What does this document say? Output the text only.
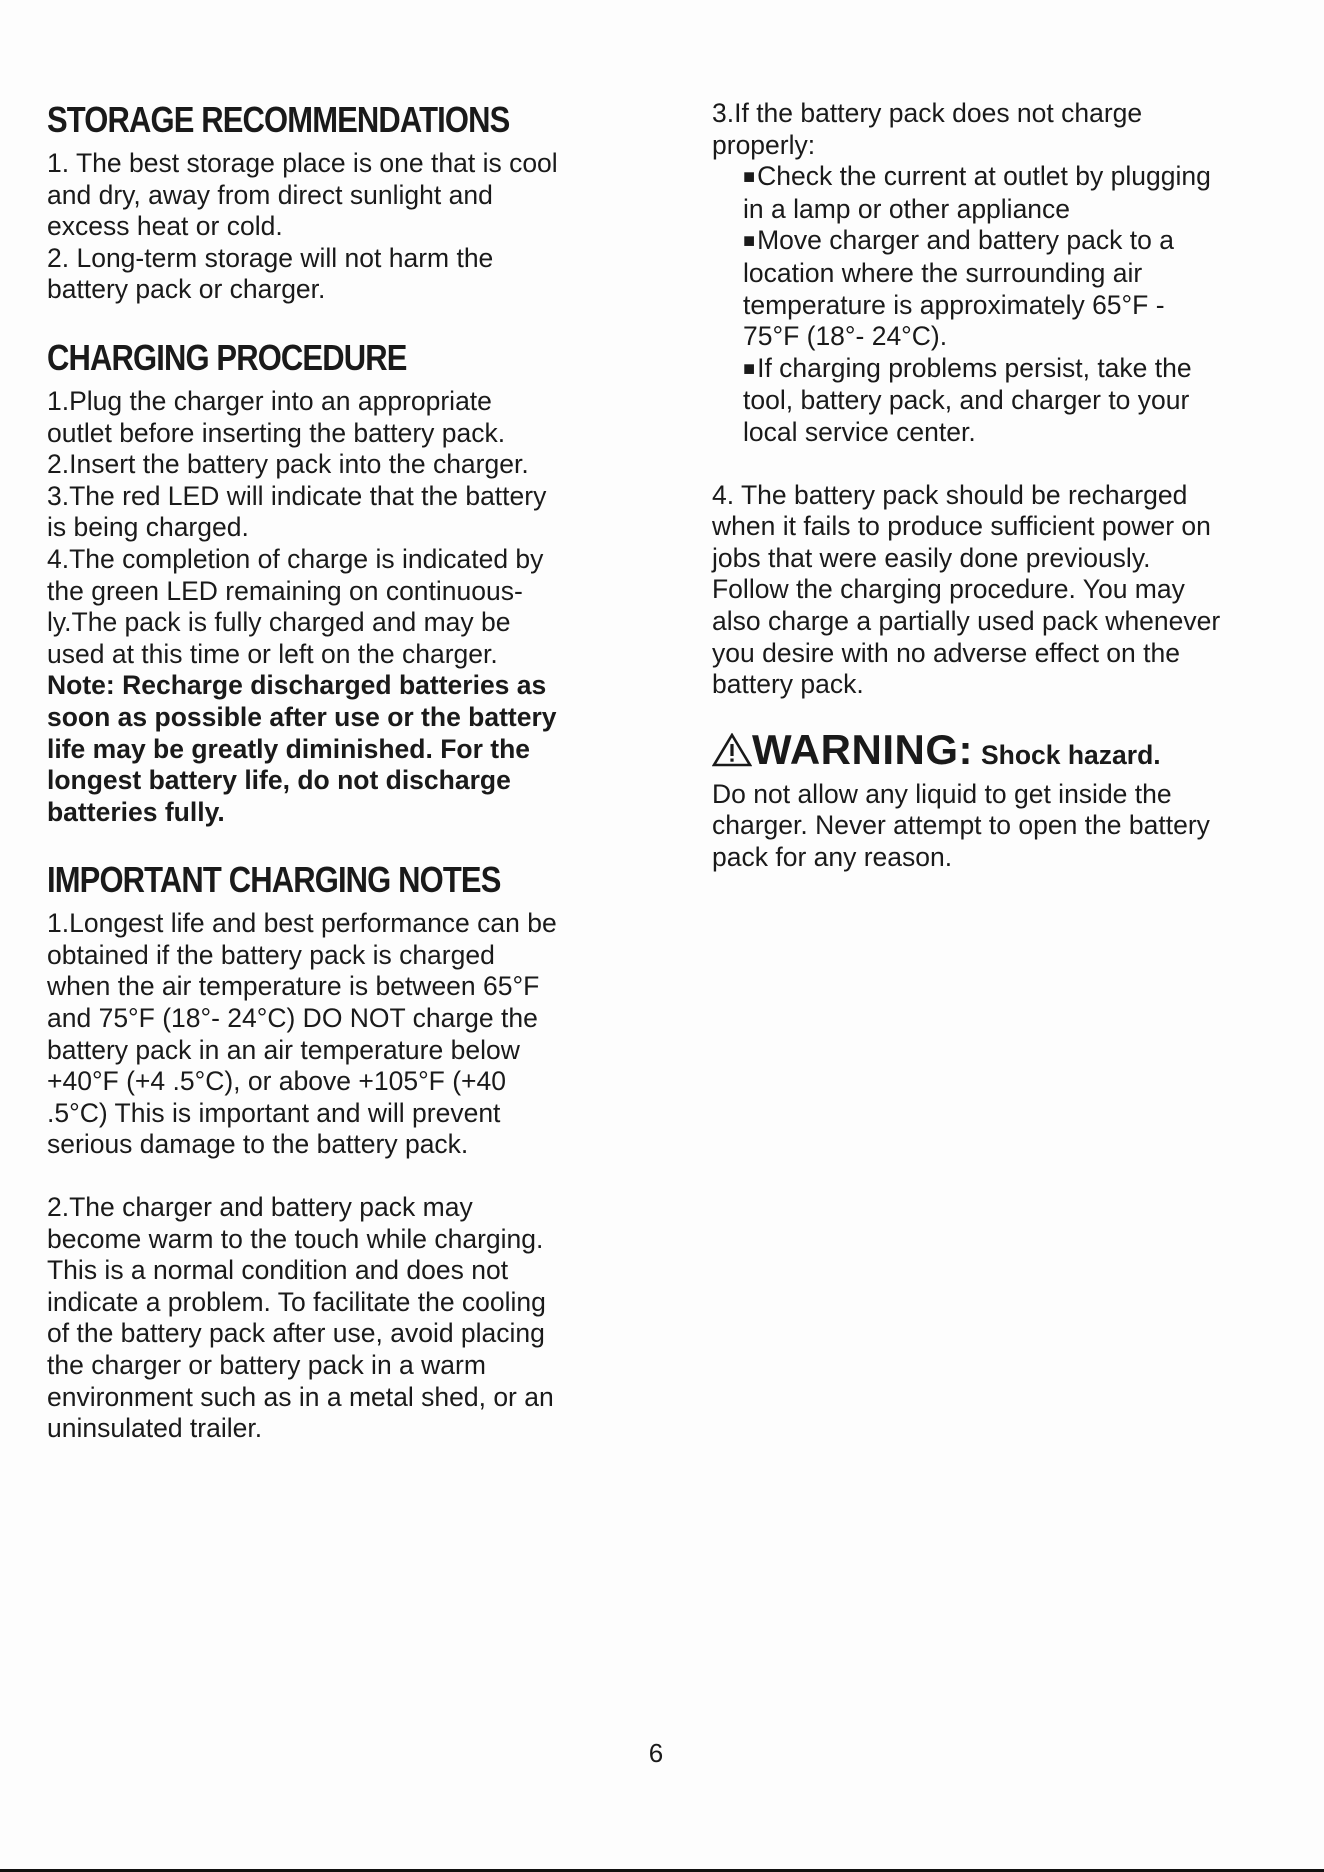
STORAGE RECOMMENDATIONS
1. The best storage place is one that is cool
and dry, away from direct sunlight and
excess heat or cold.
2. Long-term storage will not harm the
battery pack or charger.
CHARGING PROCEDURE
1.Plug the charger into an appropriate
outlet before inserting the battery pack.
2.Insert the battery pack into the charger.
3.The red LED will indicate that the battery
is being charged.
4.The completion of charge is indicated by
the green LED remaining on continuous-
ly.The pack is fully charged and may be
used at this time or left on the charger.
Note: Recharge discharged batteries as
soon as possible after use or the battery
life may be greatly diminished. For the
longest battery life, do not discharge
batteries fully.
IMPORTANT CHARGING NOTES
1.Longest life and best performance can be
obtained if the battery pack is charged
when the air temperature is between 65°F
and 75°F (18°- 24°C) DO NOT charge the
battery pack in an air temperature below
+40°F (+4 .5°C), or above +105°F (+40
.5°C) This is important and will prevent
serious damage to the battery pack.
2.The charger and battery pack may
become warm to the touch while charging.
This is a normal condition and does not
indicate a problem. To facilitate the cooling
of the battery pack after use, avoid placing
the charger or battery pack in a warm
environment such as in a metal shed, or an
uninsulated trailer.
3.If the battery pack does not charge
properly:
■Check the current at outlet by plugging
in a lamp or other appliance
■Move charger and battery pack to a
location where the surrounding air
temperature is approximately 65°F -
75°F (18°- 24°C).
■If charging problems persist, take the
tool, battery pack, and charger to your
local service center.
4. The battery pack should be recharged
when it fails to produce sufficient power on
jobs that were easily done previously.
Follow the charging procedure. You may
also charge a partially used pack whenever
you desire with no adverse effect on the
battery pack.
WARNING: Shock hazard.
Do not allow any liquid to get inside the
charger. Never attempt to open the battery
pack for any reason.
6
